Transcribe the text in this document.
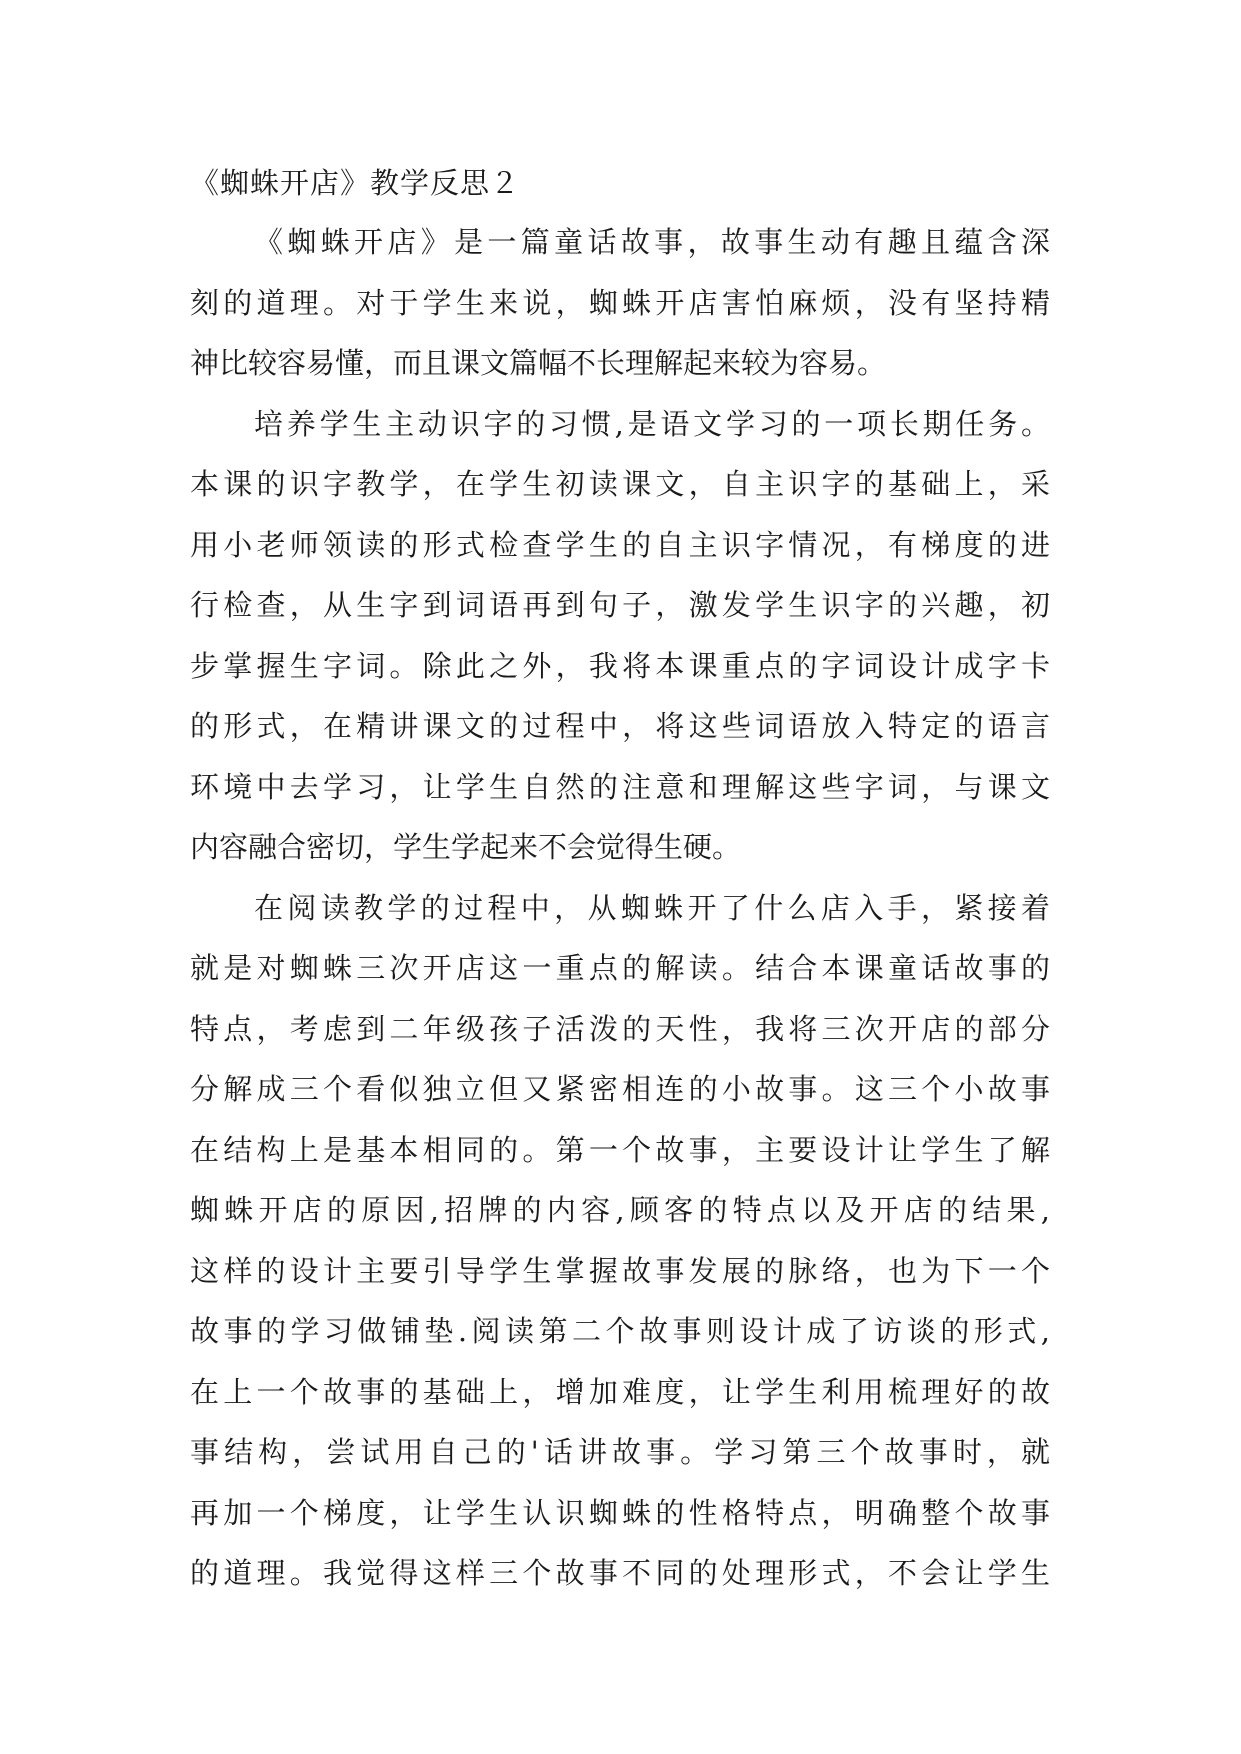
《蜘蛛开店》教学反思２
《蜘蛛开店》是一篇童话故事，故事生动有趣且蕴含深
刻的道理。对于学生来说，蜘蛛开店害怕麻烦，没有坚持精
神比较容易懂，而且课文篇幅不长理解起来较为容易。
培养学生主动识字的习惯,是语文学习的一项长期任务。
本课的识字教学，在学生初读课文，自主识字的基础上，采
用小老师领读的形式检查学生的自主识字情况，有梯度的进
行检查，从生字到词语再到句子，激发学生识字的兴趣，初
步掌握生字词。除此之外，我将本课重点的字词设计成字卡
的形式，在精讲课文的过程中，将这些词语放入特定的语言
环境中去学习，让学生自然的注意和理解这些字词，与课文
内容融合密切，学生学起来不会觉得生硬。
在阅读教学的过程中，从蜘蛛开了什么店入手，紧接着
就是对蜘蛛三次开店这一重点的解读。结合本课童话故事的
特点，考虑到二年级孩子活泼的天性，我将三次开店的部分
分解成三个看似独立但又紧密相连的小故事。这三个小故事
在结构上是基本相同的。第一个故事，主要设计让学生了解
蜘蛛开店的原因,招牌的内容,顾客的特点以及开店的结果,
这样的设计主要引导学生掌握故事发展的脉络，也为下一个
故事的学习做铺垫.阅读第二个故事则设计成了访谈的形式,
在上一个故事的基础上，增加难度，让学生利用梳理好的故
事结构，尝试用自己的'话讲故事。学习第三个故事时，就
再加一个梯度，让学生认识蜘蛛的性格特点，明确整个故事
的道理。我觉得这样三个故事不同的处理形式，不会让学生
